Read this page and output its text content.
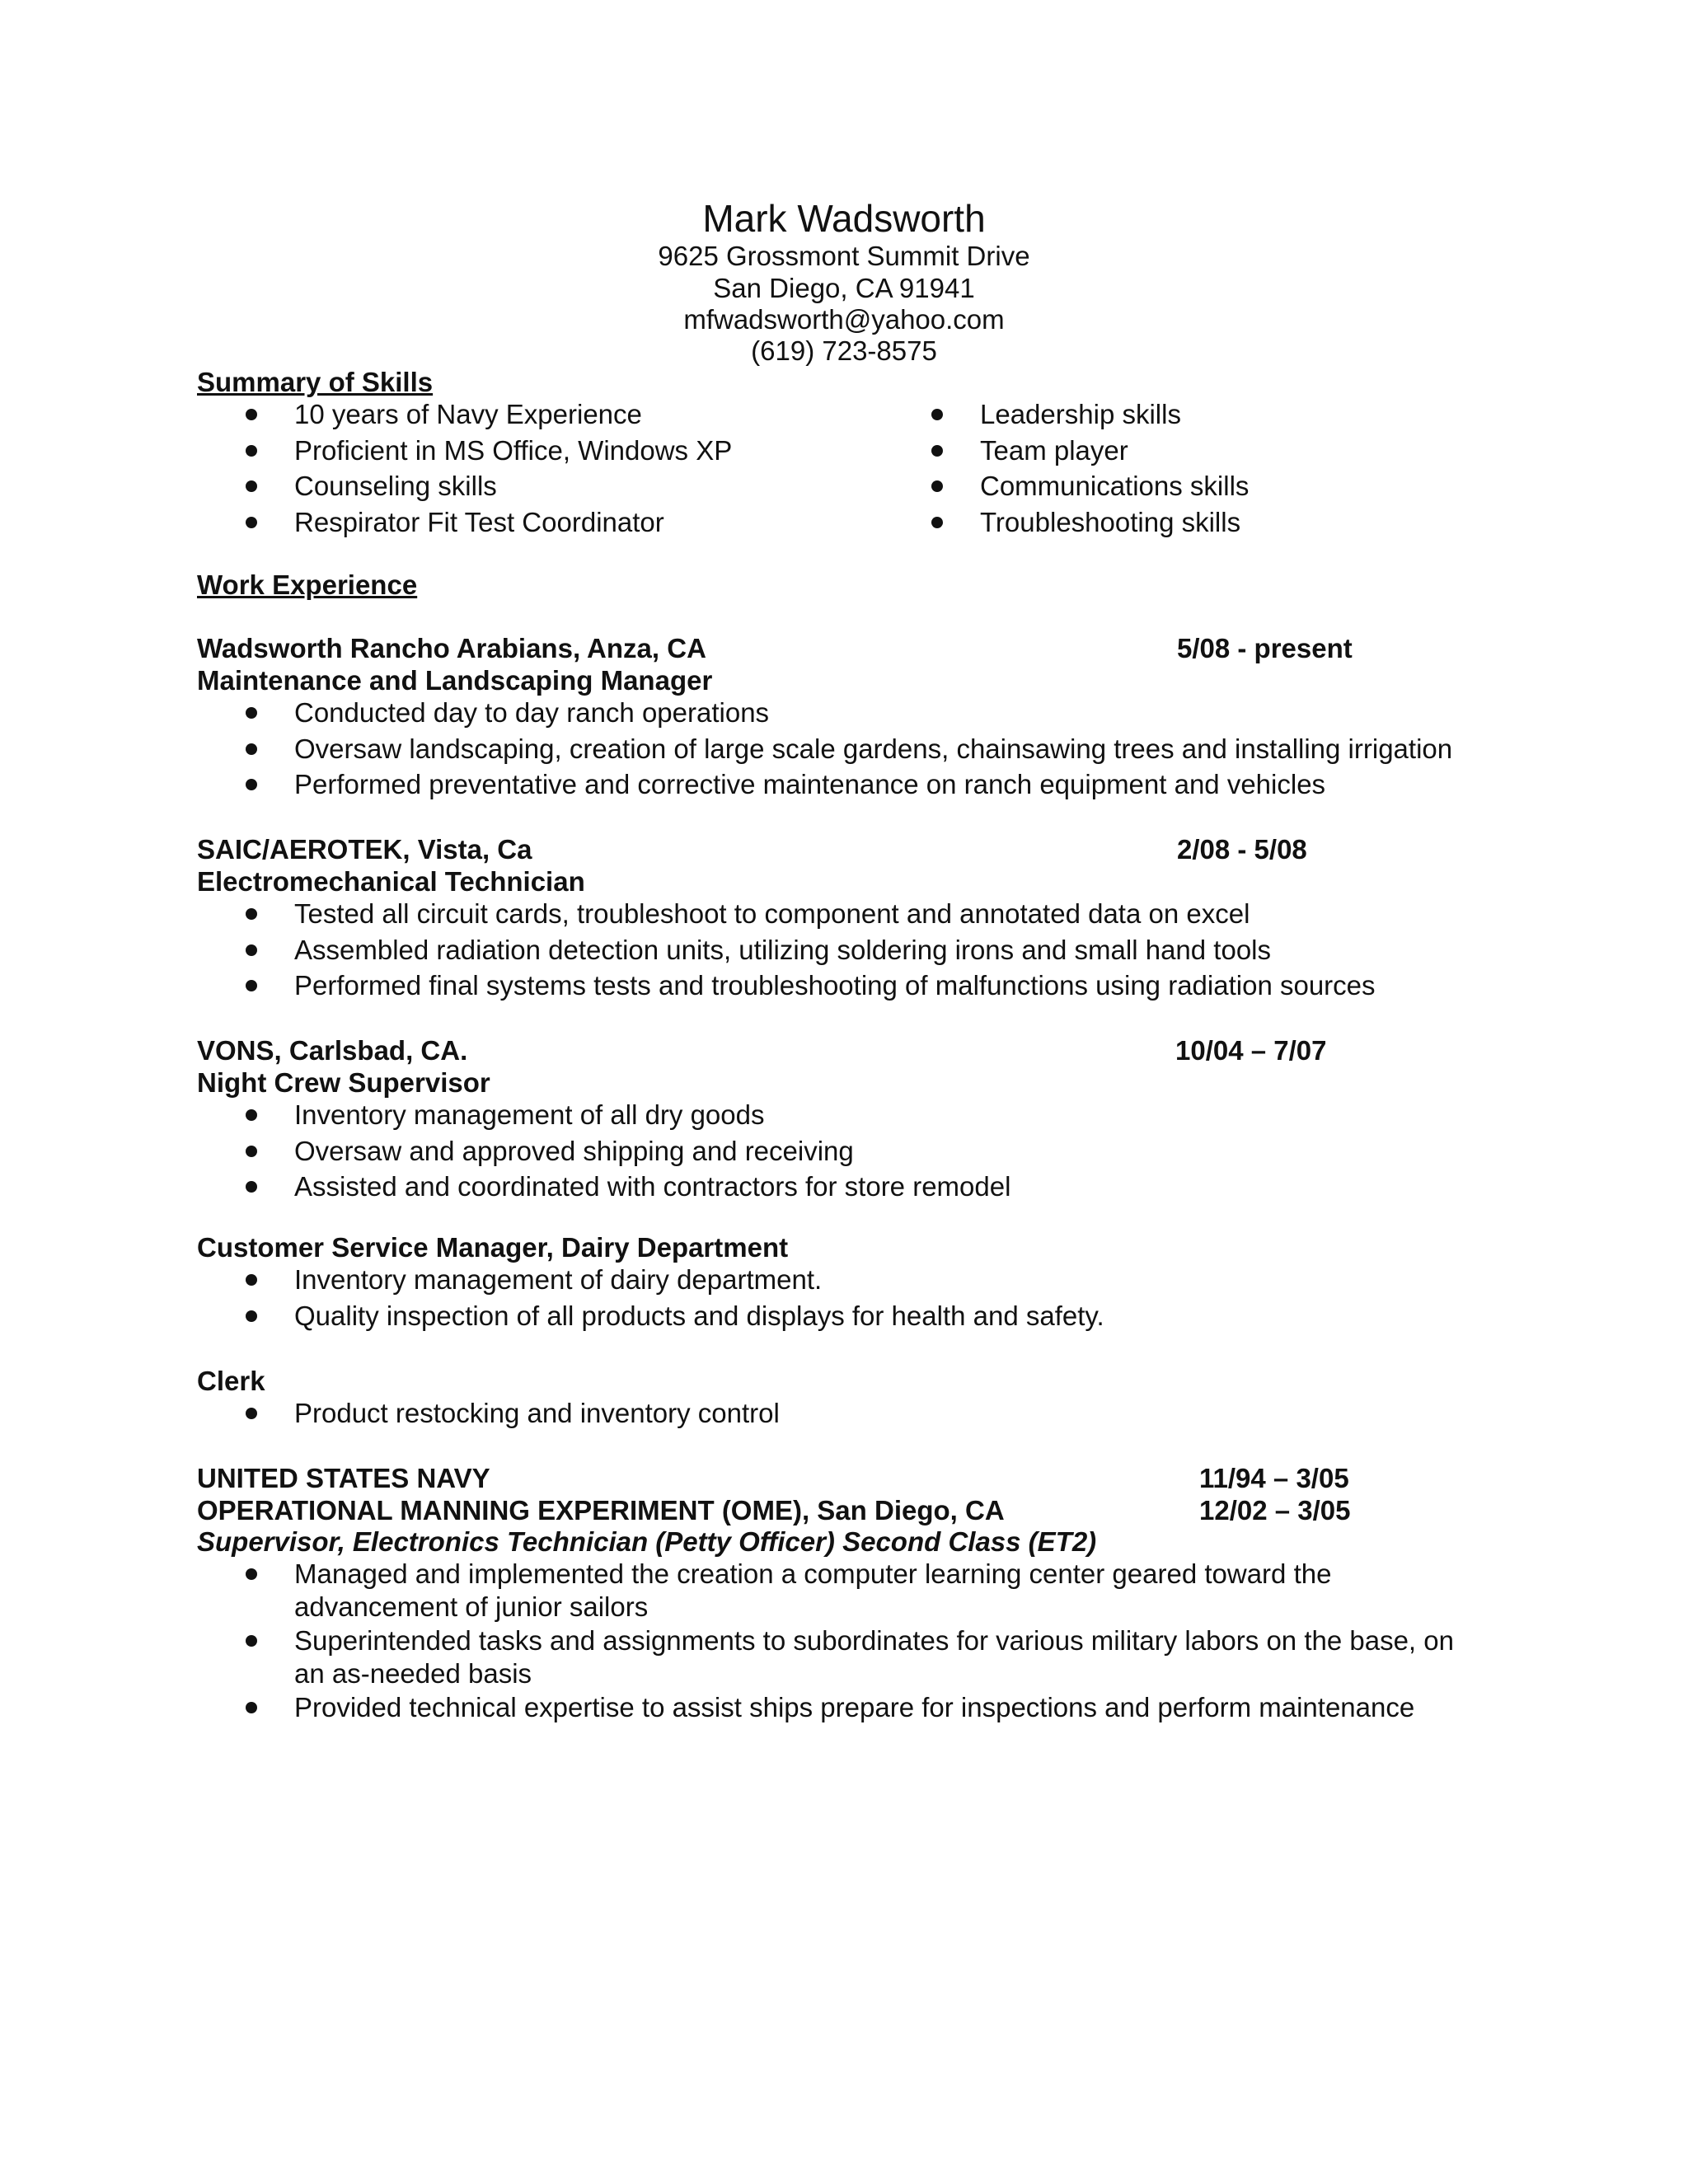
Mark Wadsworth
9625 Grossmont Summit Drive
San Diego, CA 91941
mfwadsworth@yahoo.com
(619) 723-8575
Summary of Skills
10 years of Navy Experience
Proficient in MS Office, Windows XP
Counseling skills
Respirator Fit Test Coordinator
Leadership skills
Team player
Communications skills
Troubleshooting skills
Work Experience
Wadsworth Rancho Arabians, Anza, CA	5/08 - present
Maintenance and Landscaping Manager
Conducted day to day ranch operations
Oversaw landscaping, creation of large scale gardens, chainsawing trees and installing irrigation
Performed preventative and corrective maintenance on ranch equipment and vehicles
SAIC/AEROTEK, Vista, Ca	2/08 - 5/08
Electromechanical Technician
Tested all circuit cards, troubleshoot to component and annotated data on excel
Assembled radiation detection units, utilizing soldering irons and small hand tools
Performed final systems tests and troubleshooting of malfunctions using radiation sources
VONS, Carlsbad, CA.	10/04 – 7/07
Night Crew Supervisor
Inventory management of all dry goods
Oversaw and approved shipping and receiving
Assisted and coordinated with contractors for store remodel
Customer Service Manager, Dairy Department
Inventory management of dairy department.
Quality inspection of all products and displays for health and safety.
Clerk
Product restocking and inventory control
UNITED STATES NAVY	11/94 – 3/05
OPERATIONAL MANNING EXPERIMENT (OME), San Diego, CA	12/02 – 3/05
Supervisor, Electronics Technician (Petty Officer) Second Class (ET2)
Managed and implemented the creation a computer learning center geared toward the
advancement of junior sailors
Superintended tasks and assignments to subordinates for various military labors on the base, on
an as-needed basis
Provided technical expertise to assist ships prepare for inspections and perform maintenance
